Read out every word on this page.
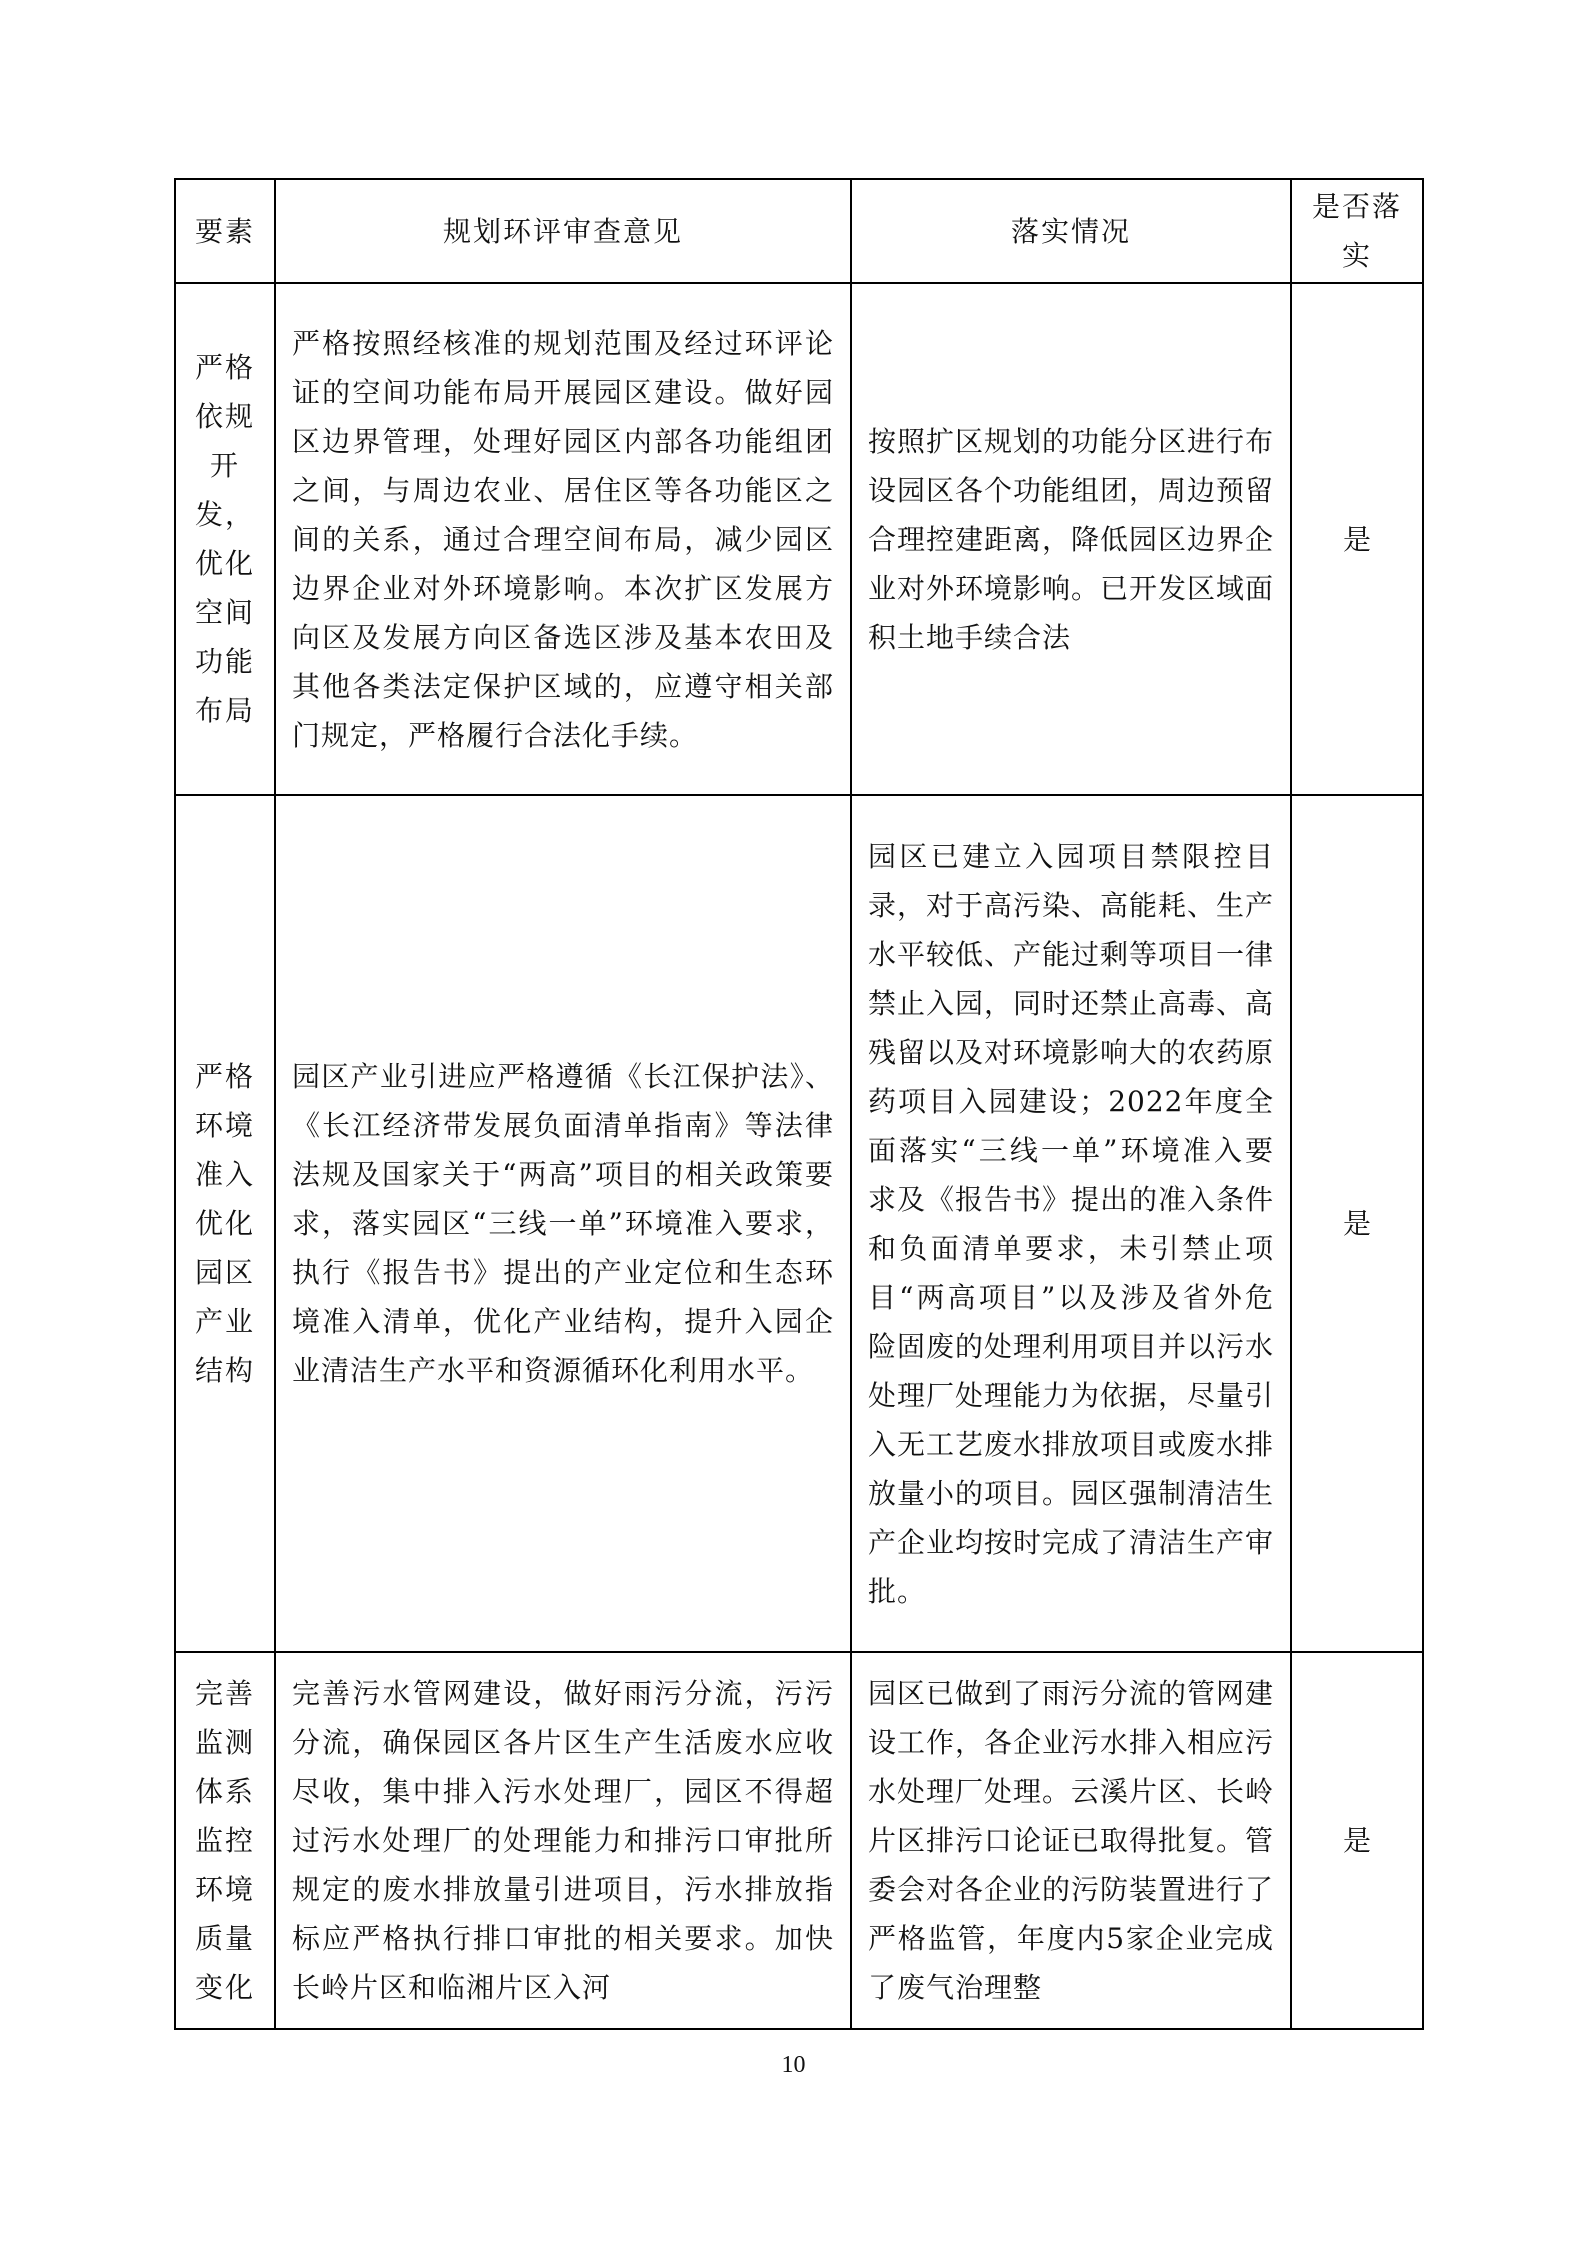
要素	规划环评审查意见	落实情况	是否落实
严格依规开发，优化空间功能布局	严格按照经核准的规划范围及经过环评论证的空间功能布局开展园区建设。做好园区边界管理，处理好园区内部各功能组团之间，与周边农业、居住区等各功能区之间的关系，通过合理空间布局，减少园区边界企业对外环境影响。本次扩区发展方向区及发展方向区备选区涉及基本农田及其他各类法定保护区域的，应遵守相关部门规定，严格履行合法化手续。	按照扩区规划的功能分区进行布设园区各个功能组团，周边预留合理控建距离，降低园区边界企业对外环境影响。已开发区域面积土地手续合法	是
严格环境准入优化园区产业结构	园区产业引进应严格遵循《长江保护法》、《长江经济带发展负面清单指南》等法律法规及国家关于“两高”项目的相关政策要求，落实园区“三线一单”环境准入要求，执行《报告书》提出的产业定位和生态环境准入清单，优化产业结构，提升入园企业清洁生产水平和资源循环化利用水平。	园区已建立入园项目禁限控目录，对于高污染、高能耗、生产水平较低、产能过剩等项目一律禁止入园，同时还禁止高毒、高残留以及对环境影响大的农药原药项目入园建设；2022年度全面落实“三线一单”环境准入要求及《报告书》提出的准入条件和负面清单要求，未引禁止项目“两高项目”以及涉及省外危险固废的处理利用项目并以污水处理厂处理能力为依据，尽量引入无工艺废水排放项目或废水排放量小的项目。园区强制清洁生产企业均按时完成了清洁生产审批。	是
完善监测体系监控环境质量变化	完善污水管网建设，做好雨污分流，污污分流，确保园区各片区生产生活废水应收尽收，集中排入污水处理厂，园区不得超过污水处理厂的处理能力和排污口审批所规定的废水排放量引进项目，污水排放指标应严格执行排口审批的相关要求。加快长岭片区和临湘片区入河	园区已做到了雨污分流的管网建设工作，各企业污水排入相应污水处理厂处理。云溪片区、长岭片区排污口论证已取得批复。管委会对各企业的污防装置进行了严格监管，年度内5家企业完成了废气治理整	是
10
